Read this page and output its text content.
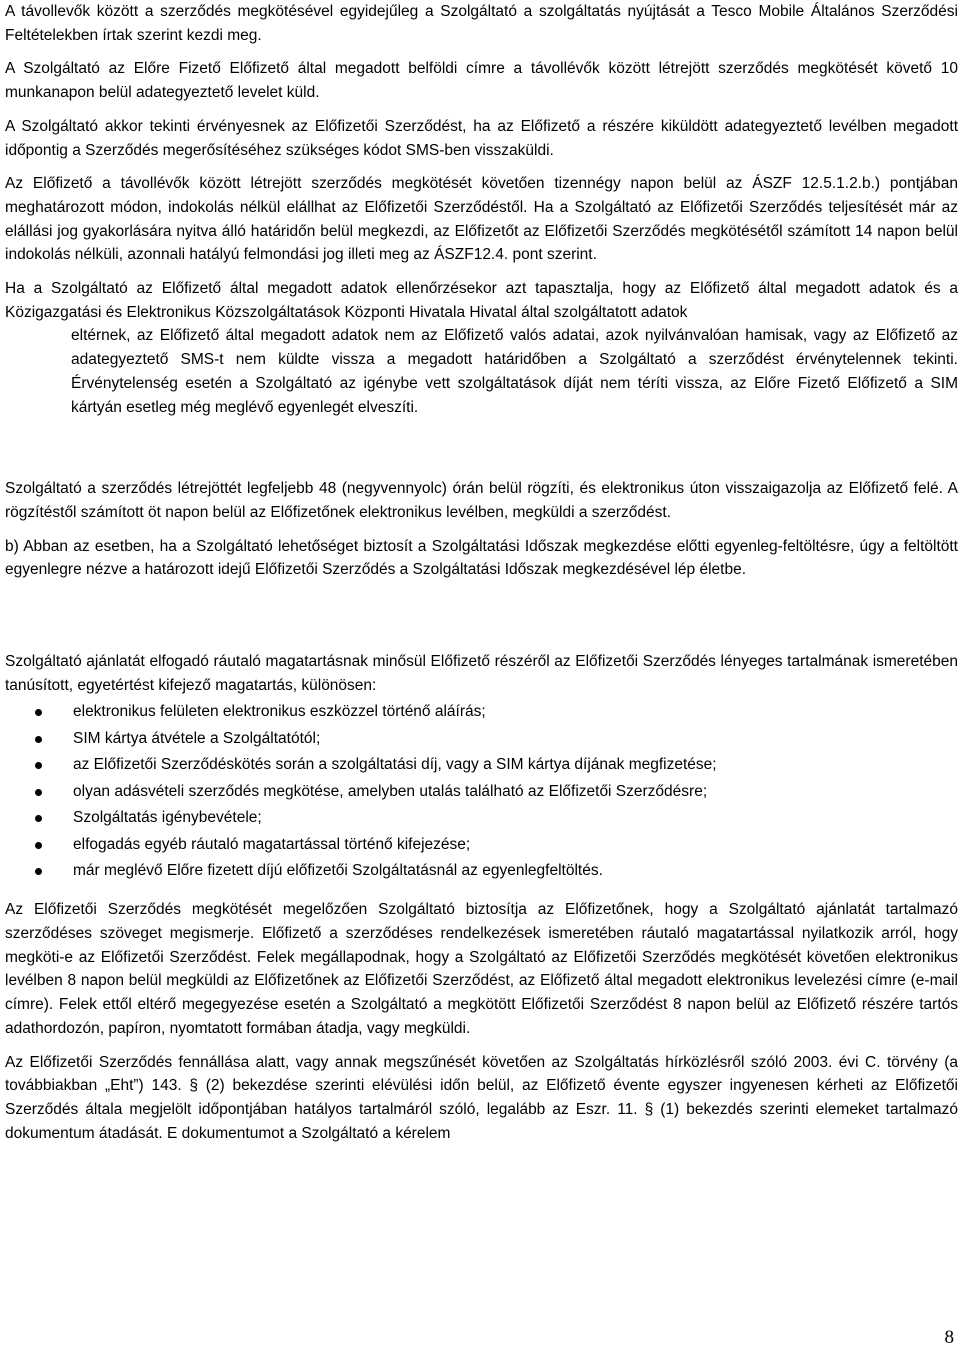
A távollevők között a szerződés megkötésével egyidejűleg a Szolgáltató a szolgáltatás nyújtását a Tesco Mobile Általános Szerződési Feltételekben írtak szerint kezdi meg.

A Szolgáltató az Előre Fizető Előfizető által megadott belföldi címre a távollévők között létrejött szerződés megkötését követő 10 munkanapon belül adategyeztető levelet küld.

A Szolgáltató akkor tekinti érvényesnek az Előfizetői Szerződést, ha az Előfizető a részére kiküldött adategyeztető levélben megadott időpontig a Szerződés megerősítéséhez szükséges kódot SMS-ben visszaküldi.

Az Előfizető a távollévők között létrejött szerződés megkötését követően tizennégy napon belül az ÁSZF 12.5.1.2.b.) pontjában meghatározott módon, indokolás nélkül elállhat az Előfizetői Szerződéstől. Ha a Szolgáltató az Előfizetői Szerződés teljesítését már az elállási jog gyakorlására nyitva álló határidőn belül megkezdi, az Előfizetőt az Előfizetői Szerződés megkötésétől számított 14 napon belül indokolás nélküli, azonnali hatályú felmondási jog illeti meg az ÁSZF12.4. pont szerint.

Ha a Szolgáltató az Előfizető által megadott adatok ellenőrzésekor azt tapasztalja, hogy az Előfizető által megadott adatok és a Közigazgatási és Elektronikus Közszolgáltatások Központi Hivatala Hivatal által szolgáltatott adatok

eltérnek, az Előfizető által megadott adatok nem az Előfizető valós adatai, azok nyilvánvalóan hamisak, vagy az Előfizető az adategyeztető SMS-t nem küldte vissza a megadott határidőben a Szolgáltató a szerződést érvénytelennek tekinti. Érvénytelenség esetén a Szolgáltató az igénybe vett szolgáltatások díját nem téríti vissza, az Előre Fizető Előfizető a SIM kártyán esetleg még meglévő egyenlegét elveszíti.

Szolgáltató a szerződés létrejöttét legfeljebb 48 (negyvennyolc) órán belül rögzíti, és elektronikus úton visszaigazolja az Előfizető felé. A rögzítéstől számított öt napon belül az Előfizetőnek elektronikus levélben, megküldi a szerződést.

b) Abban az esetben, ha a Szolgáltató lehetőséget biztosít a Szolgáltatási Időszak megkezdése előtti egyenleg-feltöltésre, úgy a feltöltött egyenlegre nézve a határozott idejű Előfizetői Szerződés a Szolgáltatási Időszak megkezdésével lép életbe.

Szolgáltató ajánlatát elfogadó ráutaló magatartásnak minősül Előfizető részéről az Előfizetői Szerződés lényeges tartalmának ismeretében tanúsított, egyetértést kifejező magatartás, különösen:

elektronikus felületen elektronikus eszközzel történő aláírás;
SIM kártya átvétele a Szolgáltatótól;
az Előfizetői Szerződéskötés során a szolgáltatási díj, vagy a SIM kártya díjának megfizetése;
olyan adásvételi szerződés megkötése, amelyben utalás található az Előfizetői Szerződésre;
Szolgáltatás igénybevétele;
elfogadás egyéb ráutaló magatartással történő kifejezése;
már meglévő Előre fizetett díjú előfizetői Szolgáltatásnál az egyenlegfeltöltés.

Az Előfizetői Szerződés megkötését megelőzően Szolgáltató biztosítja az Előfizetőnek, hogy a Szolgáltató ajánlatát tartalmazó szerződéses szöveget megismerje. Előfizető a szerződéses rendelkezések ismeretében ráutaló magatartással nyilatkozik arról, hogy megköti-e az Előfizetői Szerződést. Felek megállapodnak, hogy a Szolgáltató az Előfizetői Szerződés megkötését követően elektronikus levélben 8 napon belül megküldi az Előfizetőnek az Előfizetői Szerződést, az Előfizető által megadott elektronikus levelezési címre (e-mail címre). Felek ettől eltérő megegyezése esetén a Szolgáltató a megkötött Előfizetői Szerződést 8 napon belül az Előfizető részére tartós adathordozón, papíron, nyomtatott formában átadja, vagy megküldi.

Az Előfizetői Szerződés fennállása alatt, vagy annak megszűnését követően az Szolgáltatás hírközlésről szóló 2003. évi C. törvény (a továbbiakban „Eht”) 143. § (2) bekezdése szerinti elévülési időn belül, az Előfizető évente egyszer ingyenesen kérheti az Előfizetői Szerződés általa megjelölt időpontjában hatályos tartalmáról szóló, legalább az Eszr. 11. § (1) bekezdés szerinti elemeket tartalmazó dokumentum átadását. E dokumentumot a Szolgáltató a kérelem

8
